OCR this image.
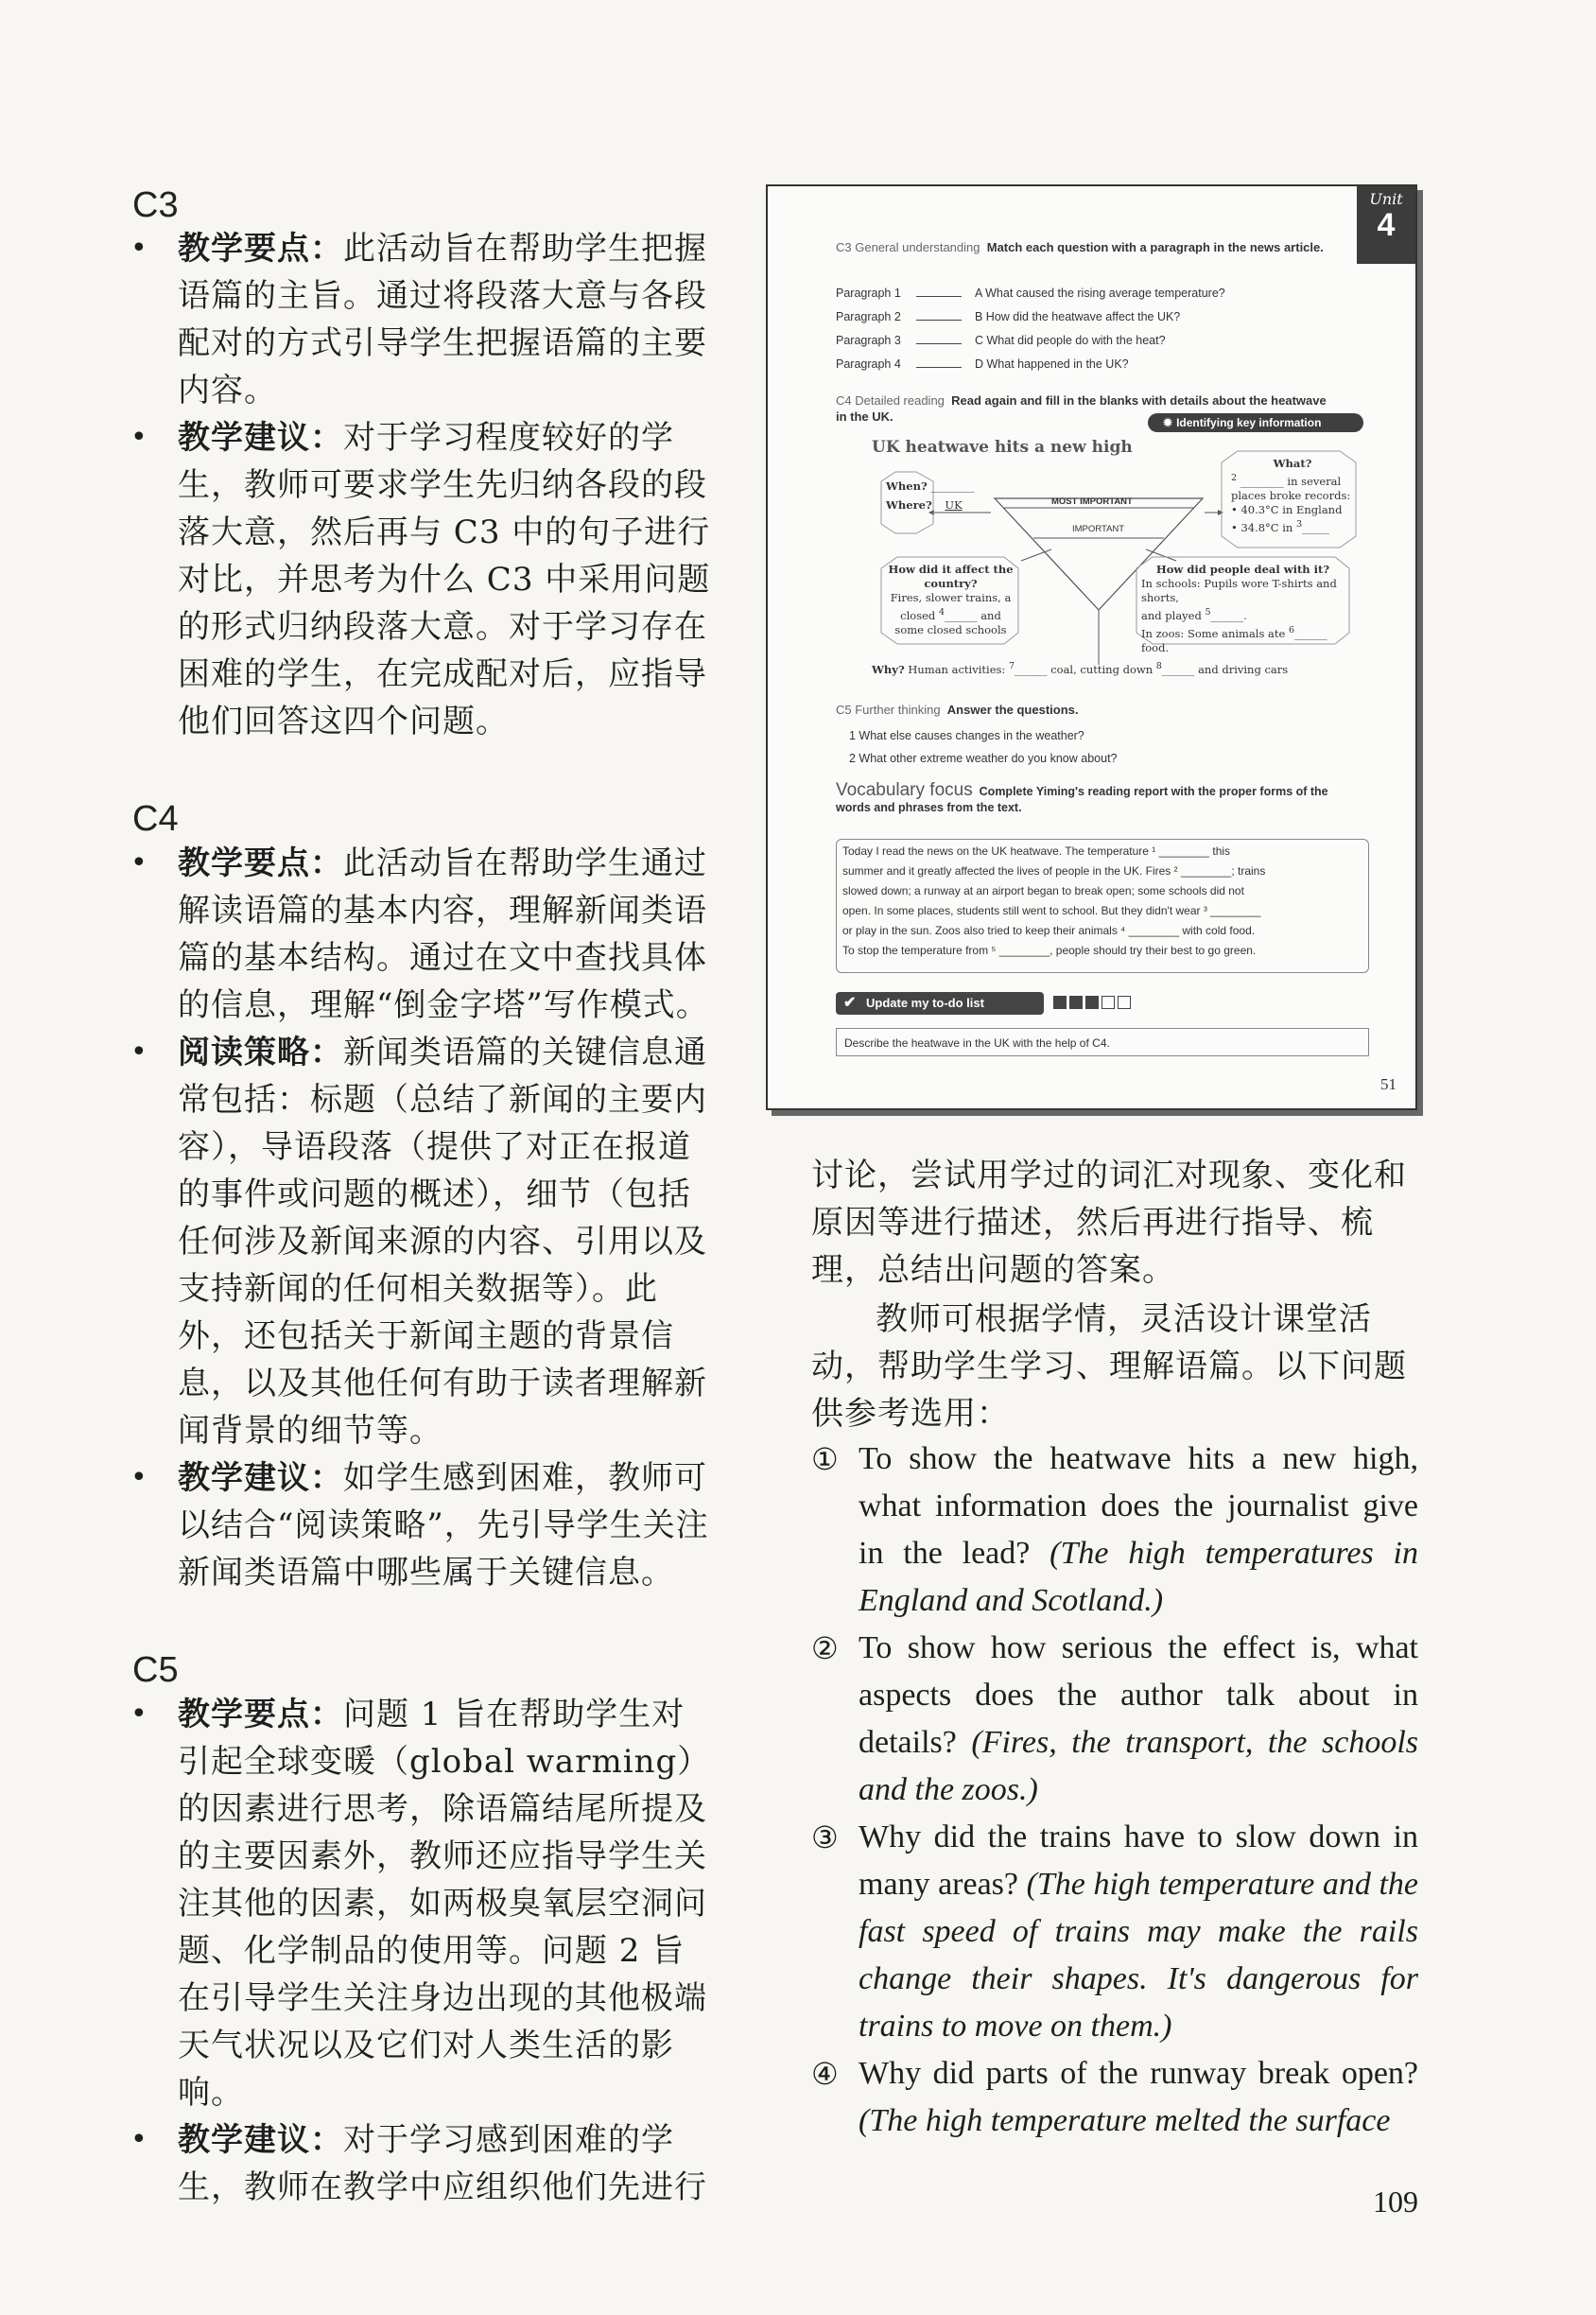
C3
• 教学要点：此活动旨在帮助学生把握语篇的主旨。通过将段落大意与各段配对的方式引导学生把握语篇的主要内容。
• 教学建议：对于学习程度较好的学生，教师可要求学生先归纳各段的段落大意，然后再与 C3 中的句子进行对比，并思考为什么 C3 中采用问题的形式归纳段落大意。对于学习存在困难的学生，在完成配对后，应指导他们回答这四个问题。
C4
• 教学要点：此活动旨在帮助学生通过解读语篇的基本内容，理解新闻类语篇的基本结构。通过在文中查找具体的信息，理解“倒金字塔”写作模式。
• 阅读策略：新闻类语篇的关键信息通常包括：标题（总结了新闻的主要内容），导语段落（提供了对正在报道的事件或问题的概述），细节（包括任何涉及新闻来源的内容、引用以及支持新闻的任何相关数据等）。此外，还包括关于新闻主题的背景信息，以及其他任何有助于读者理解新闻背景的细节等。
• 教学建议：如学生感到困难，教师可以结合“阅读策略”，先引导学生关注新闻类语篇中哪些属于关键信息。
C5
• 教学要点：问题 1 旨在帮助学生对引起全球变暖（global warming）的因素进行思考，除语篇结尾所提及的主要因素外，教师还应指导学生关注其他的因素，如两极臭氧层空洞问题、化学制品的使用等。问题 2 旨在引导学生关注身边出现的其他极端天气状况以及它们对人类生活的影响。
• 教学建议：对于学习感到困难的学生，教师在教学中应组织他们先进行
Unit
4
C3 General understanding Match each question with a paragraph in the news article.
Paragraph 1	A What caused the rising average temperature?
Paragraph 2	B How did the heatwave affect the UK?
Paragraph 3	C What did people do with the heat?
Paragraph 4	D What happened in the UK?
C4 Detailed reading Read again and fill in the blanks with details about the heatwave in the UK.	✹ Identifying key information
UK heatwave hits a new high
When? ________
Where? UK	MOST IMPORTANT
IMPORTANT
What?
$^2$ ________ in several
places broke records:
• 40.3°C in England
• 34.8°C in $^3$_____
How did it affect the country?
Fires, slower trains, a
closed $^4$______ and
some closed schools
How did people deal with it?
In schools: Pupils wore T-shirts and shorts,
and played $^5$______.
In zoos: Some animals ate $^6$______ food.
Why? Human activities: $^7$______ coal, cutting down $^8$______ and driving cars
C5 Further thinking Answer the questions.
1 What else causes changes in the weather?
2 What other extreme weather do you know about?
Vocabulary focus Complete Yiming's reading report with the proper forms of the words and phrases from the text.
Today I read the news on the UK heatwave. The temperature ¹ ________ this
summer and it greatly affected the lives of people in the UK. Fires ² ________; trains
slowed down; a runway at an airport began to break open; some schools did not
open. In some places, students still went to school. But they didn't wear ³ ________
or play in the sun. Zoos also tried to keep their animals ⁴ ________ with cold food.
To stop the temperature from ⁵ ________, people should try their best to go green.
✔ Update my to-do list
Describe the heatwave in the UK with the help of C4.
51
讨论，尝试用学过的词汇对现象、变化和原因等进行描述，然后再进行指导、梳理，总结出问题的答案。
教师可根据学情，灵活设计课堂活动，帮助学生学习、理解语篇。以下问题供参考选用：
① To show the heatwave hits a new high, what information does the journalist give in the lead? (The high temperatures in England and Scotland.)
② To show how serious the effect is, what aspects does the author talk about in details? (Fires, the transport, the schools and the zoos.)
③ Why did the trains have to slow down in many areas? (The high temperature and the fast speed of trains may make the rails change their shapes. It's dangerous for trains to move on them.)
④ Why did parts of the runway break open? (The high temperature melted the surface
109
